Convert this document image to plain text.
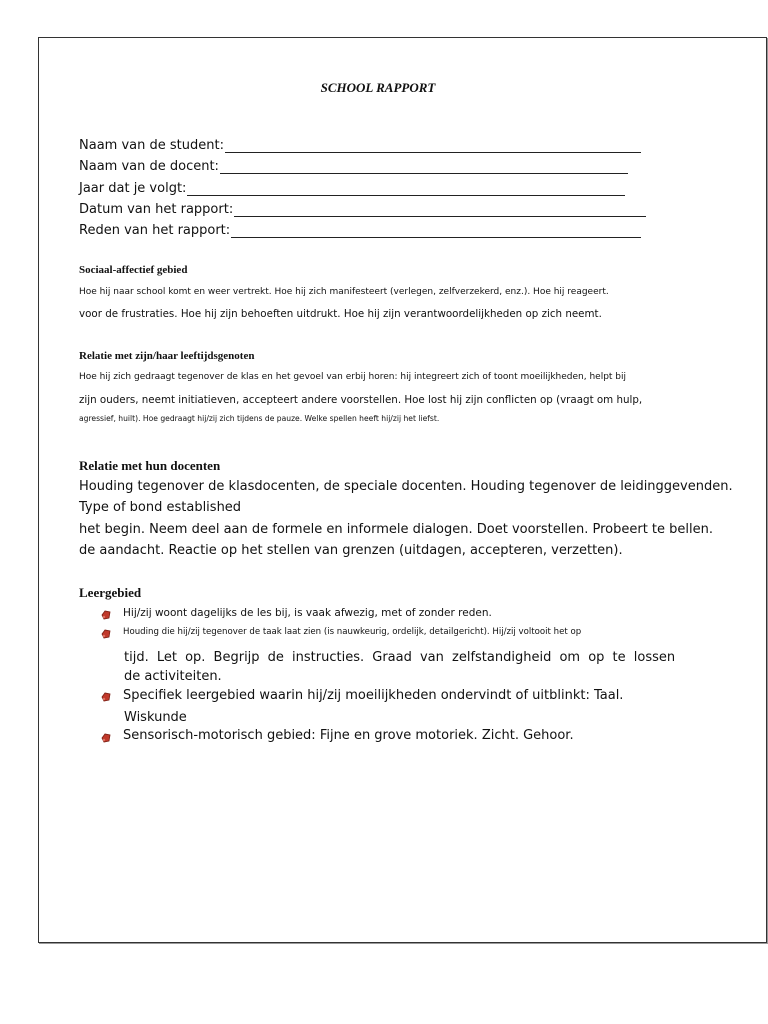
SCHOOL RAPPORT
Naam van de student:
Naam van de docent:
Jaar dat je volgt:
Datum van het rapport:
Reden van het rapport:
Sociaal-affectief gebied
Hoe hij naar school komt en weer vertrekt. Hoe hij zich manifesteert (verlegen, zelfverzekerd, enz.). Hoe hij reageert.
voor de frustraties. Hoe hij zijn behoeften uitdrukt. Hoe hij zijn verantwoordelijkheden op zich neemt.
Relatie met zijn/haar leeftijdsgenoten
Hoe hij zich gedraagt tegenover de klas en het gevoel van erbij horen: hij integreert zich of toont moeilijkheden, helpt bij
zijn ouders, neemt initiatieven, accepteert andere voorstellen. Hoe lost hij zijn conflicten op (vraagt om hulp,
agressief, huilt). Hoe gedraagt hij/zij zich tijdens de pauze. Welke spellen heeft hij/zij het liefst.
Relatie met hun docenten
Houding tegenover de klasdocenten, de speciale docenten. Houding tegenover de leidinggevenden.
Type of bond established
het begin. Neem deel aan de formele en informele dialogen. Doet voorstellen. Probeert te bellen.
de aandacht. Reactie op het stellen van grenzen (uitdagen, accepteren, verzetten).
Leergebied
Hij/zij woont dagelijks de les bij, is vaak afwezig, met of zonder reden.
Houding die hij/zij tegenover de taak laat zien (is nauwkeurig, ordelijk, detailgericht). Hij/zij voltooit het op
tijd. Let op. Begrijp de instructies. Graad van zelfstandigheid om op te lossen
de activiteiten.
Specifiek leergebied waarin hij/zij moeilijkheden ondervindt of uitblinkt: Taal.
Wiskunde
Sensorisch-motorisch gebied: Fijne en grove motoriek. Zicht. Gehoor.
